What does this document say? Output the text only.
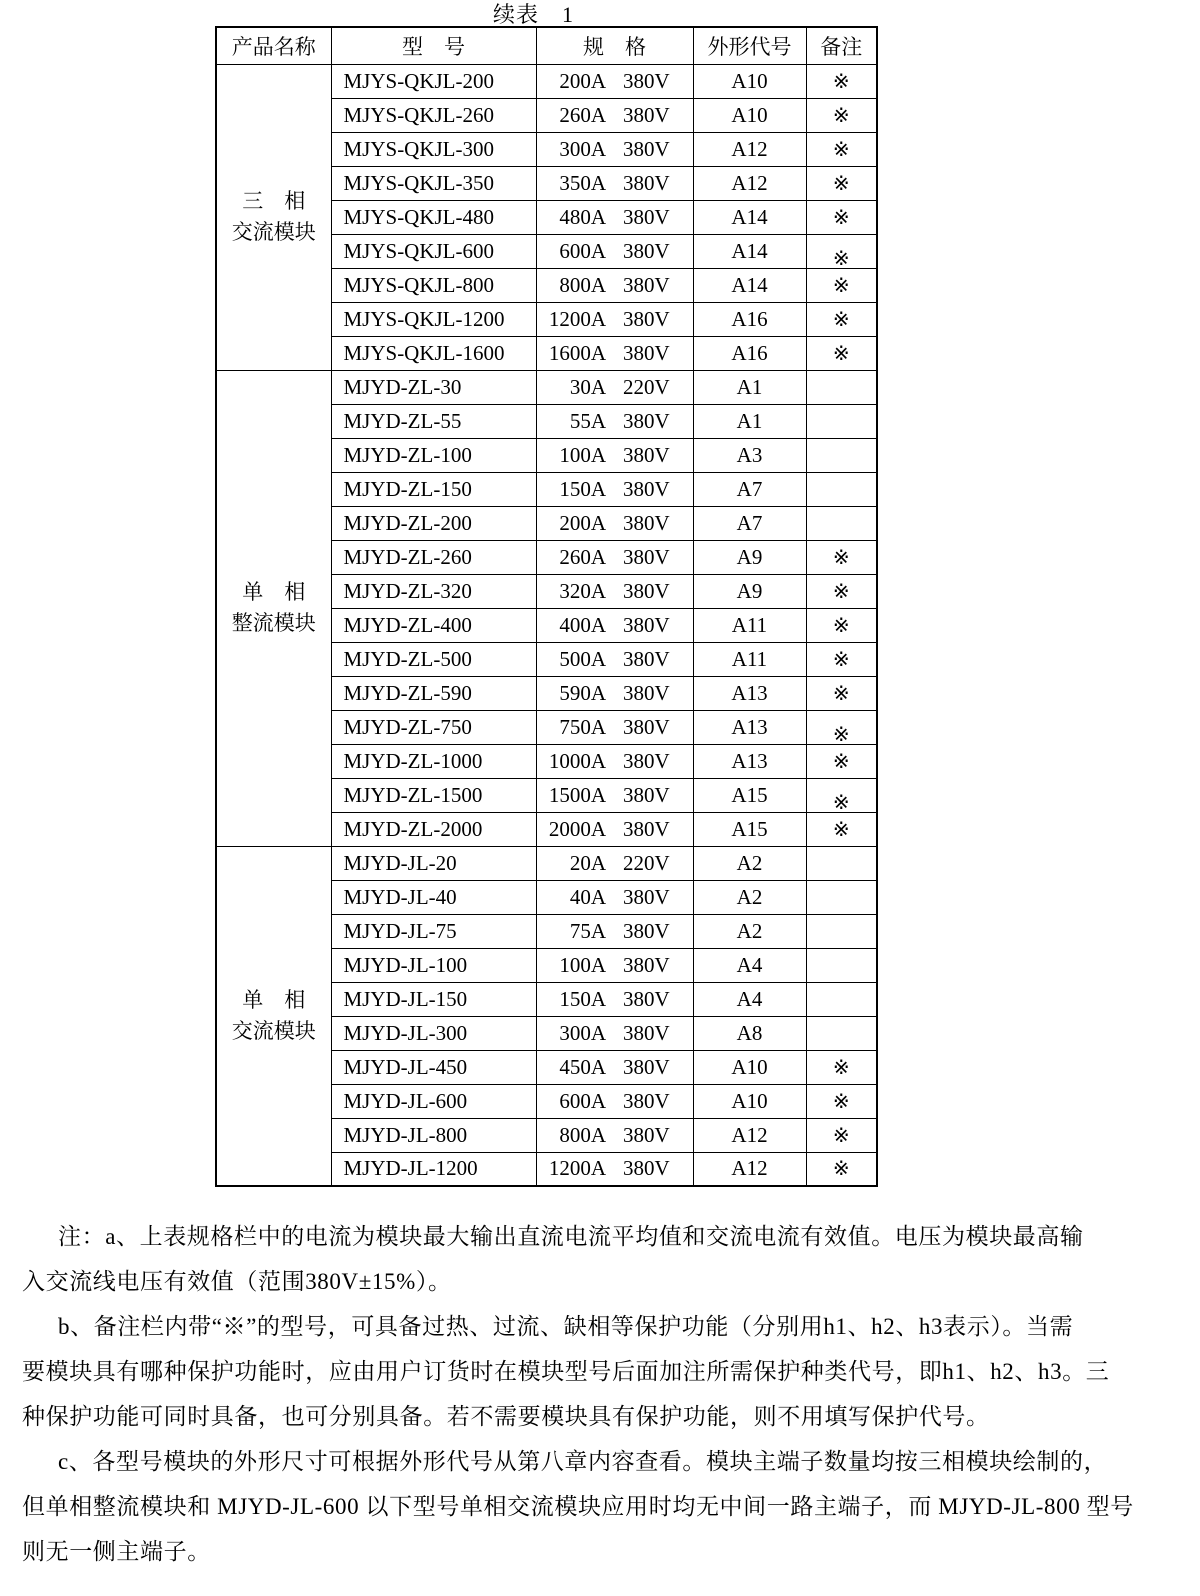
续表　1
产品名称	型　号	规　格	外形代号	备注

三　相
交流模块
	MJYS-QKJL-200	200A 380V	A10	※
	MJYS-QKJL-260	260A 380V	A10	※
	MJYS-QKJL-300	300A 380V	A12	※
	MJYS-QKJL-350	350A 380V	A12	※
	MJYS-QKJL-480	480A 380V	A14	※
	MJYS-QKJL-600	600A 380V	A14	※
	MJYS-QKJL-800	800A 380V	A14	※
	MJYS-QKJL-1200	1200A 380V	A16	※
	MJYS-QKJL-1600	1600A 380V	A16	※

单　相
整流模块
	MJYD-ZL-30	30A 220V	A1	
	MJYD-ZL-55	55A 380V	A1	
	MJYD-ZL-100	100A 380V	A3	
	MJYD-ZL-150	150A 380V	A7	
	MJYD-ZL-200	200A 380V	A7	
	MJYD-ZL-260	260A 380V	A9	※
	MJYD-ZL-320	320A 380V	A9	※
	MJYD-ZL-400	400A 380V	A11	※
	MJYD-ZL-500	500A 380V	A11	※
	MJYD-ZL-590	590A 380V	A13	※
	MJYD-ZL-750	750A 380V	A13	※
	MJYD-ZL-1000	1000A 380V	A13	※
	MJYD-ZL-1500	1500A 380V	A15	※
	MJYD-ZL-2000	2000A 380V	A15	※

单　相
交流模块
	MJYD-JL-20	20A 220V	A2	
	MJYD-JL-40	40A 380V	A2	
	MJYD-JL-75	75A 380V	A2	
	MJYD-JL-100	100A 380V	A4	
	MJYD-JL-150	150A 380V	A4	
	MJYD-JL-300	300A 380V	A8	
	MJYD-JL-450	450A 380V	A10	※
	MJYD-JL-600	600A 380V	A10	※
	MJYD-JL-800	800A 380V	A12	※
	MJYD-JL-1200	1200A 380V	A12	※
注：a、上表规格栏中的电流为模块最大输出直流电流平均值和交流电流有效值。电压为模块最高输
入交流线电压有效值（范围380V±15%）。
b、备注栏内带“※”的型号，可具备过热、过流、缺相等保护功能（分别用h1、h2、h3表示）。当需
要模块具有哪种保护功能时，应由用户订货时在模块型号后面加注所需保护种类代号，即h1、h2、h3。三
种保护功能可同时具备，也可分别具备。若不需要模块具有保护功能，则不用填写保护代号。
c、各型号模块的外形尺寸可根据外形代号从第八章内容查看。模块主端子数量均按三相模块绘制的，
但单相整流模块和 MJYD-JL-600 以下型号单相交流模块应用时均无中间一路主端子，而 MJYD-JL-800 型号
则无一侧主端子。
